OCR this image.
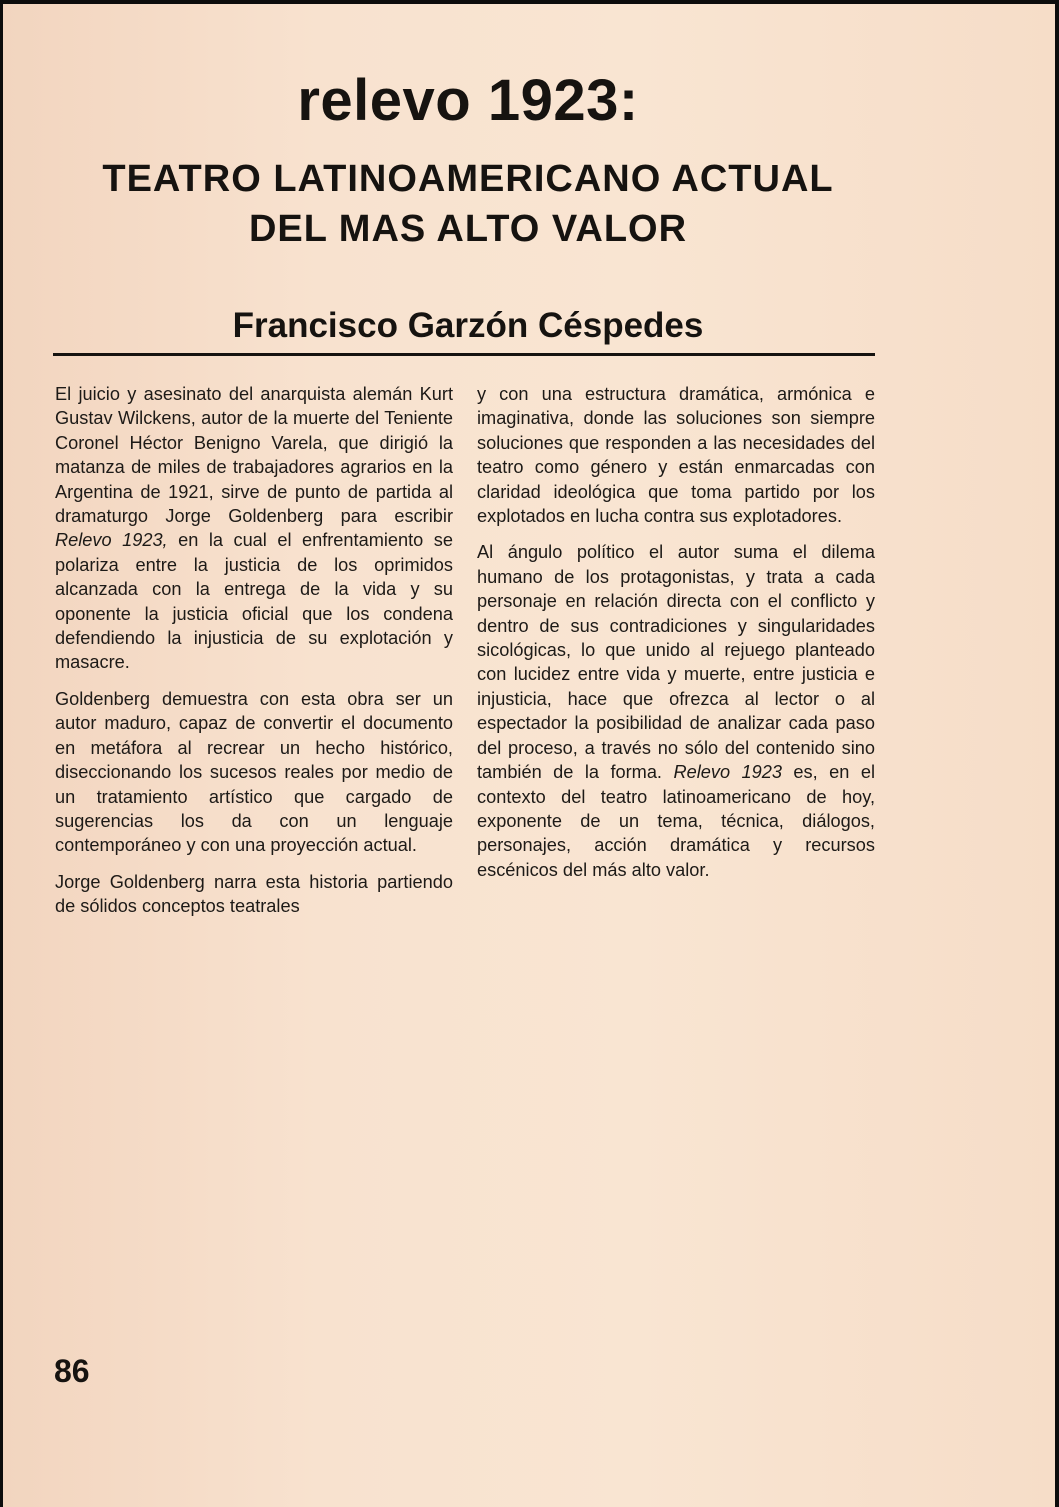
relevo 1923:
TEATRO LATINOAMERICANO ACTUAL
DEL MAS ALTO VALOR
Francisco Garzón Céspedes

El juicio y asesinato del anarquista alemán Kurt Gustav Wilckens, autor de la muerte del Teniente Coronel Héctor Benigno Varela, que dirigió la matanza de miles de trabajadores agrarios en la Argentina de 1921, sirve de punto de partida al dramaturgo Jorge Goldenberg para escribir Relevo 1923, en la cual el enfrentamiento se polariza entre la justicia de los oprimidos alcanzada con la entrega de la vida y su oponente la justicia oficial que los condena defendiendo la injusticia de su explotación y masacre.

Goldenberg demuestra con esta obra ser un autor maduro, capaz de convertir el documento en metáfora al recrear un hecho histórico, diseccionando los sucesos reales por medio de un tratamiento artístico que cargado de sugerencias los da con un lenguaje contemporáneo y con una proyección actual.

Jorge Goldenberg narra esta historia partiendo de sólidos conceptos teatrales

y con una estructura dramática, armónica e imaginativa, donde las soluciones son siempre soluciones que responden a las necesidades del teatro como género y están enmarcadas con claridad ideológica que toma partido por los explotados en lucha contra sus explotadores.

Al ángulo político el autor suma el dilema humano de los protagonistas, y trata a cada personaje en relación directa con el conflicto y dentro de sus contradiciones y singularidades sicológicas, lo que unido al rejuego planteado con lucidez entre vida y muerte, entre justicia e injusticia, hace que ofrezca al lector o al espectador la posibilidad de analizar cada paso del proceso, a través no sólo del contenido sino también de la forma. Relevo 1923 es, en el contexto del teatro latinoamericano de hoy, exponente de un tema, técnica, diálogos, personajes, acción dramática y recursos escénicos del más alto valor.

86
